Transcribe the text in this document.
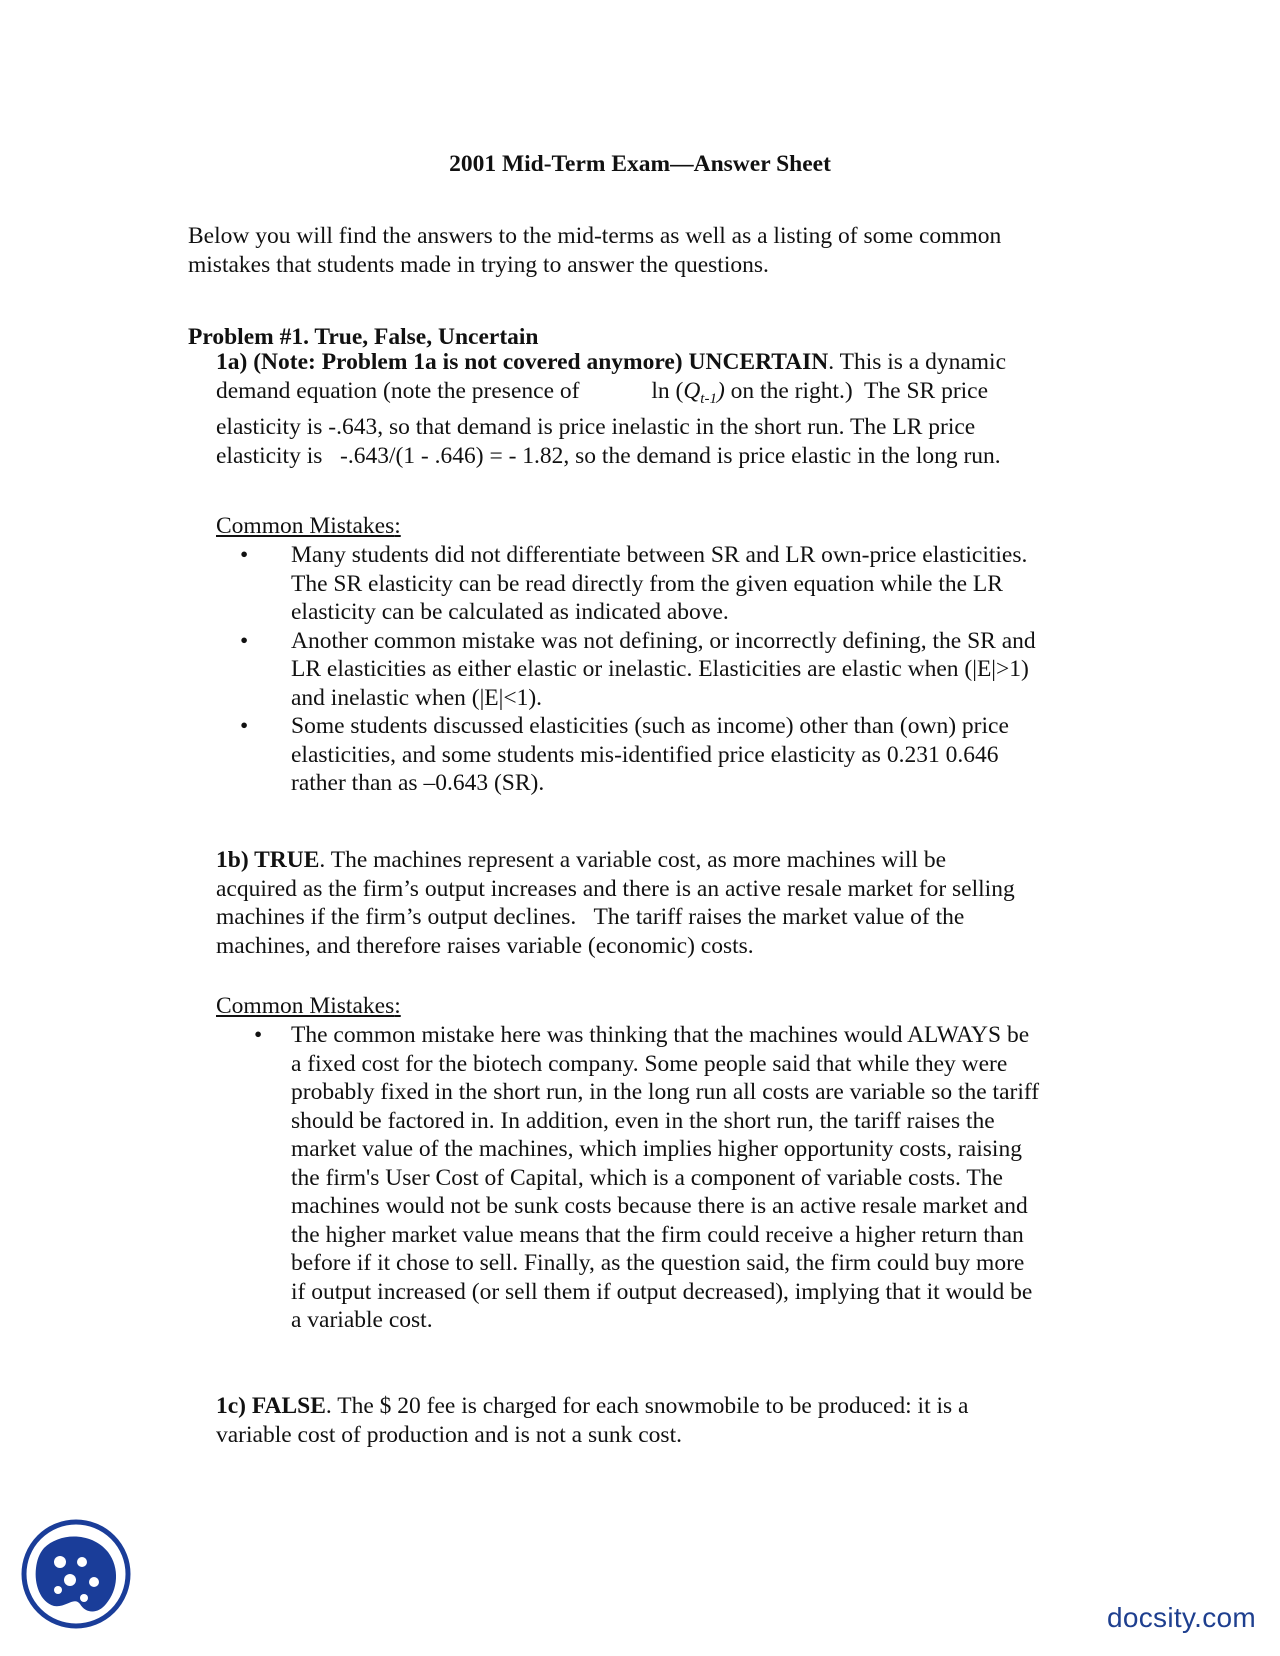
2001 Mid-Term Exam—Answer Sheet
Below you will find the answers to the mid-terms as well as a listing of some common
mistakes that students made in trying to answer the questions.
Problem #1. True, False, Uncertain
1a) (Note: Problem 1a is not covered anymore) UNCERTAIN. This is a dynamic
demand equation (note the presence of	$\ln (Q_{t-1})$ on the right.)  The SR price
elasticity is -.643, so that demand is price inelastic in the short run. The LR price
elasticity is   -.643/(1 - .646) = - 1.82, so the demand is price elastic in the long run.
Common Mistakes:
• Many students did not differentiate between SR and LR own-price elasticities.
The SR elasticity can be read directly from the given equation while the LR
elasticity can be calculated as indicated above.
• Another common mistake was not defining, or incorrectly defining, the SR and
LR elasticities as either elastic or inelastic. Elasticities are elastic when (|E|>1)
and inelastic when (|E|<1).
• Some students discussed elasticities (such as income) other than (own) price
elasticities, and some students mis-identified price elasticity as 0.231 0.646
rather than as –0.643 (SR).
1b) TRUE. The machines represent a variable cost, as more machines will be
acquired as the firm’s output increases and there is an active resale market for selling
machines if the firm’s output declines.   The tariff raises the market value of the
machines, and therefore raises variable (economic) costs.
Common Mistakes:
• The common mistake here was thinking that the machines would ALWAYS be
a fixed cost for the biotech company. Some people said that while they were
probably fixed in the short run, in the long run all costs are variable so the tariff
should be factored in. In addition, even in the short run, the tariff raises the
market value of the machines, which implies higher opportunity costs, raising
the firm's User Cost of Capital, which is a component of variable costs. The
machines would not be sunk costs because there is an active resale market and
the higher market value means that the firm could receive a higher return than
before if it chose to sell. Finally, as the question said, the firm could buy more
if output increased (or sell them if output decreased), implying that it would be
a variable cost.
1c) FALSE. The $ 20 fee is charged for each snowmobile to be produced: it is a
variable cost of production and is not a sunk cost.
docsity.com
